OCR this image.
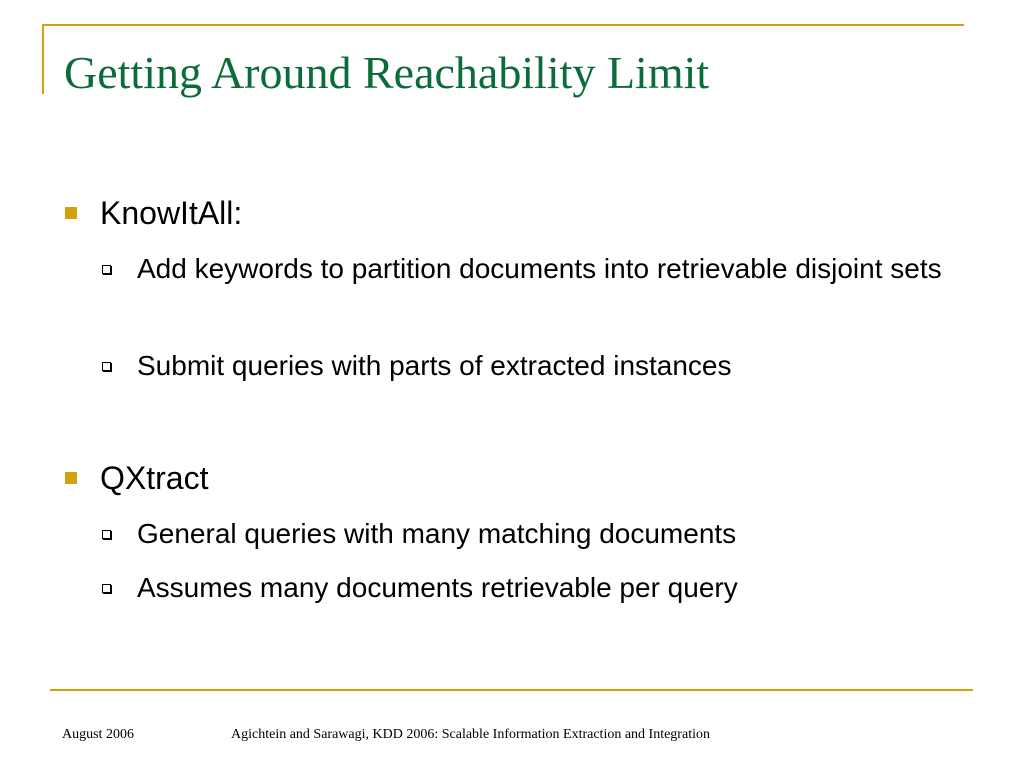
Getting Around Reachability Limit
KnowItAll:
Add keywords to partition documents into retrievable disjoint sets
Submit queries with parts of extracted instances
QXtract
General queries with many matching documents
Assumes many documents retrievable per query
August 2006	Agichtein and Sarawagi, KDD 2006: Scalable Information Extraction and Integration
